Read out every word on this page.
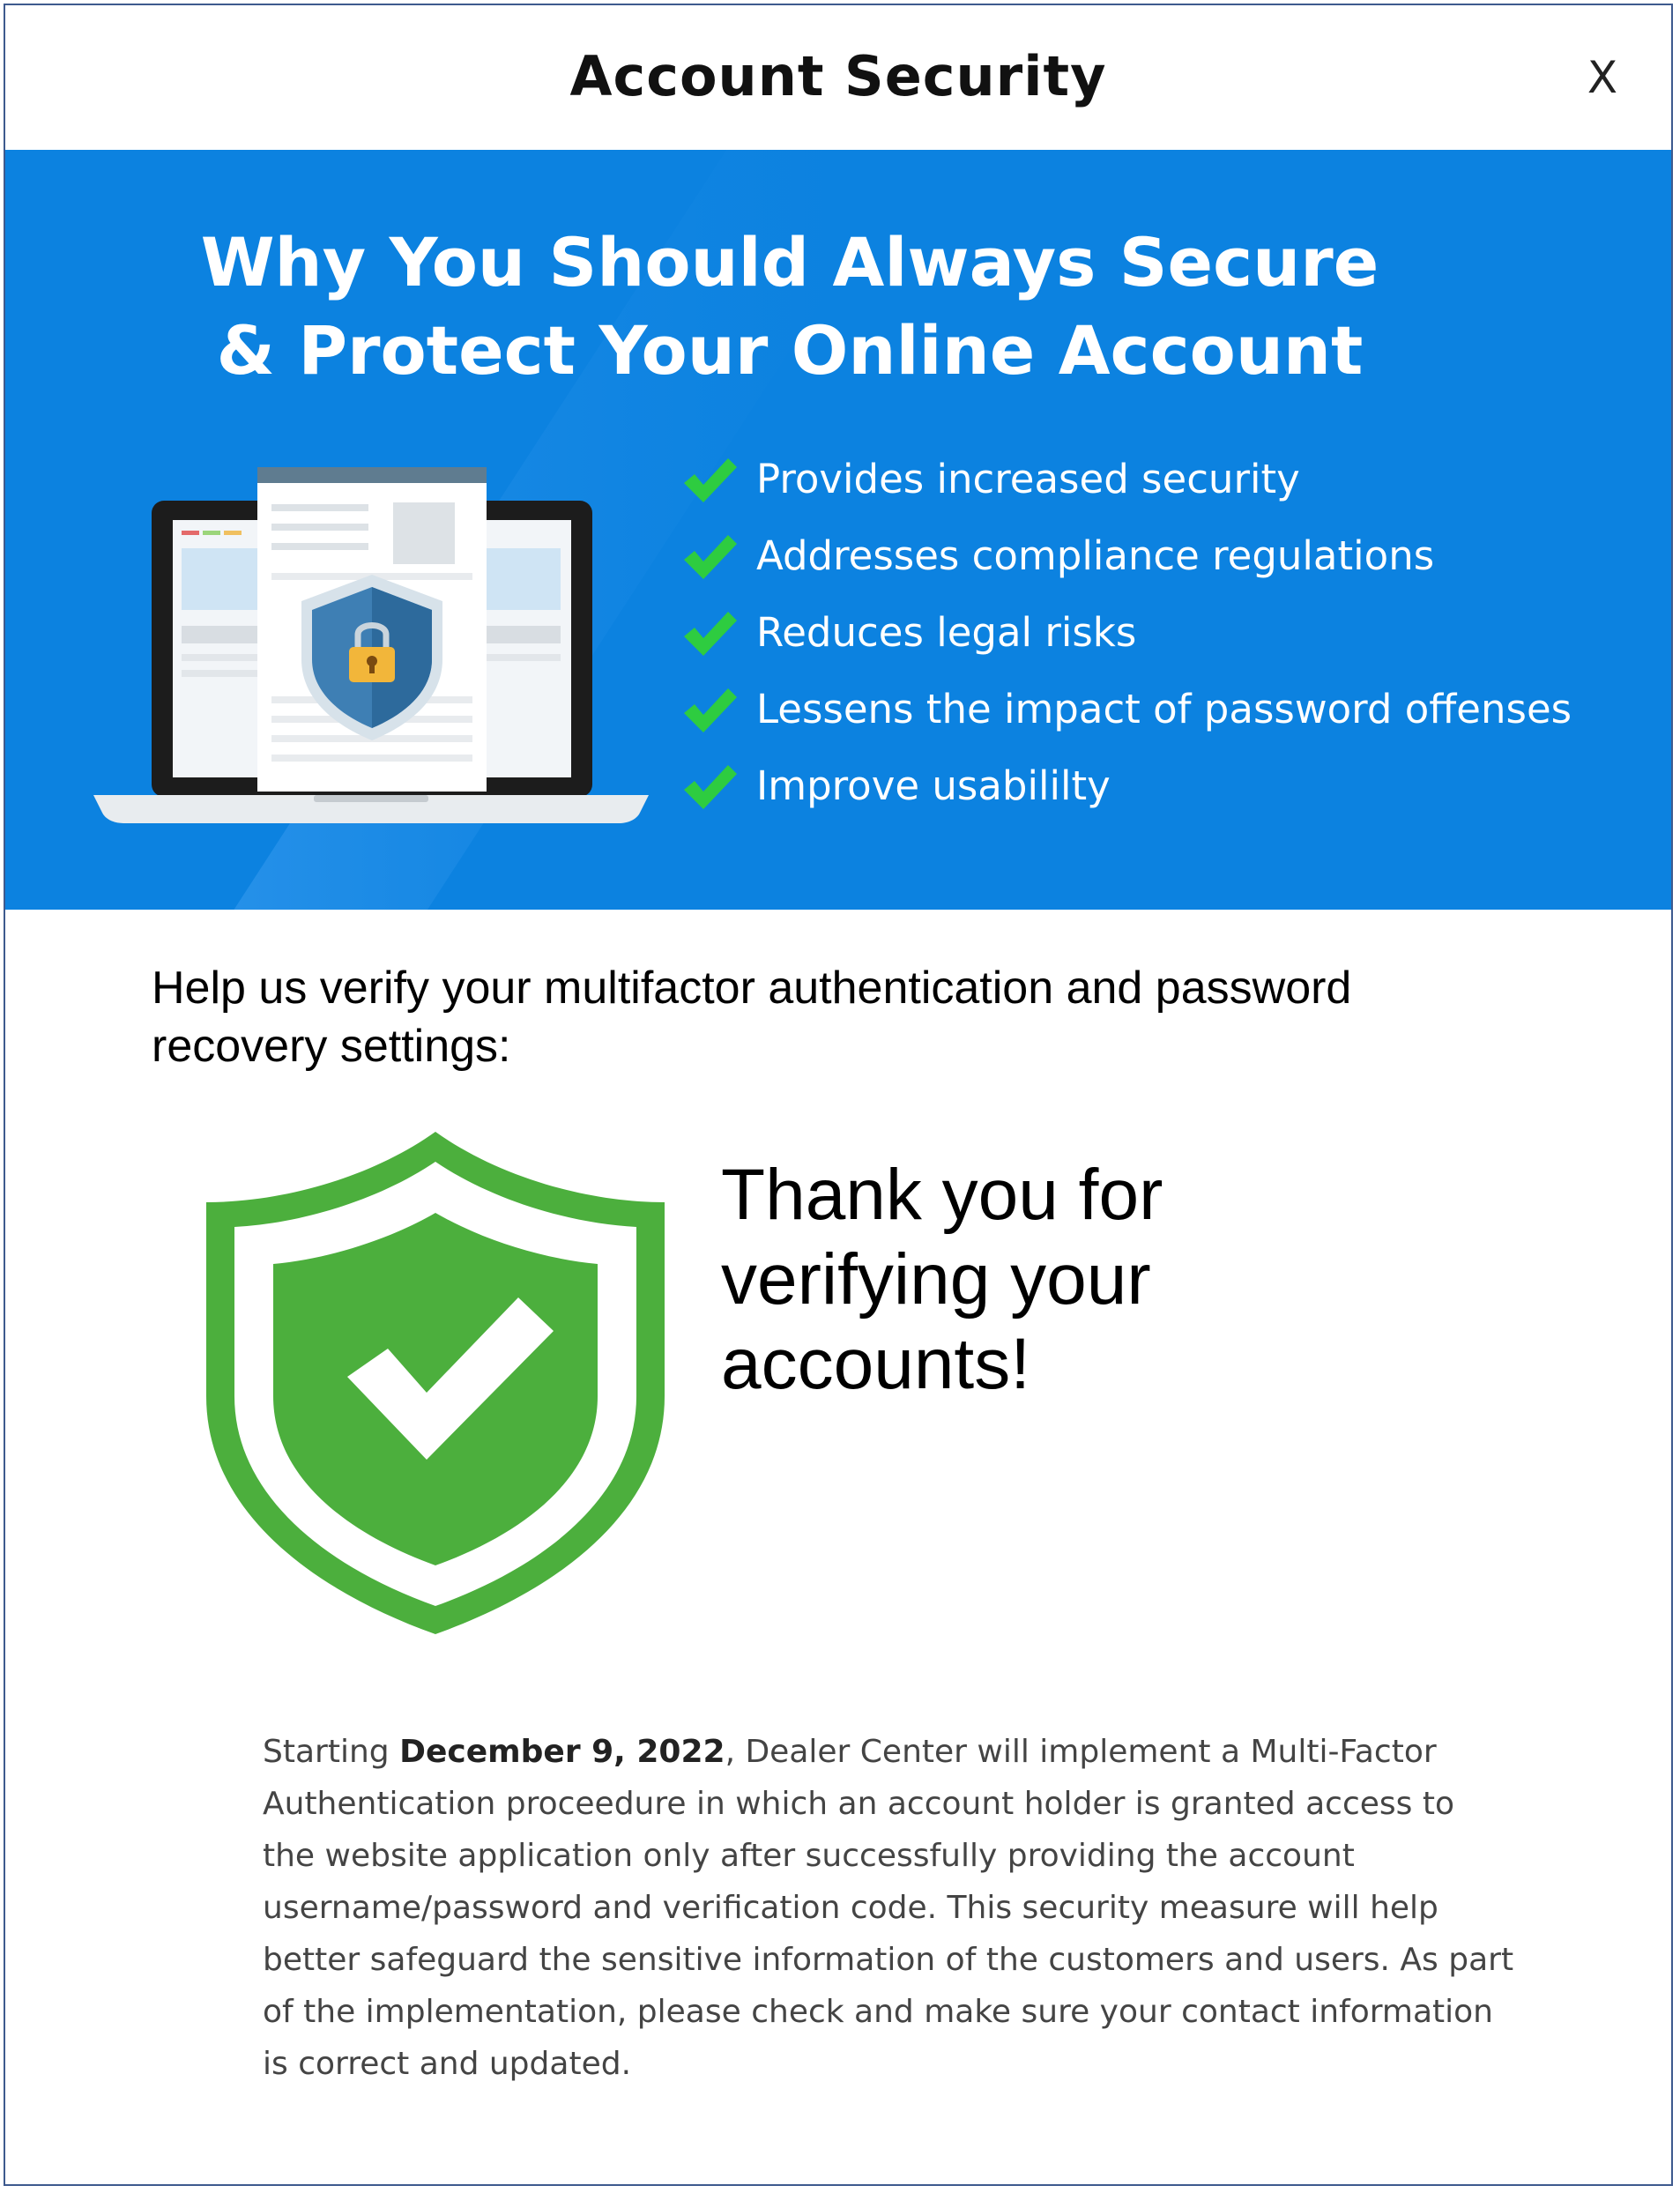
Account Security	X
Why You Should Always Secure
& Protect Your Online Account
Provides increased security
Addresses compliance regulations
Reduces legal risks
Lessens the impact of password offenses
Improve usabililty
Help us verify your multifactor authentication and password recovery settings:
Thank you for verifying your accounts!
Starting December 9, 2022, Dealer Center will implement a Multi-Factor Authentication proceedure in which an account holder is granted access to the website application only after successfully providing the account username/password and verification code. This security measure will help better safeguard the sensitive information of the customers and users. As part of the implementation, please check and make sure your contact information is correct and updated.
